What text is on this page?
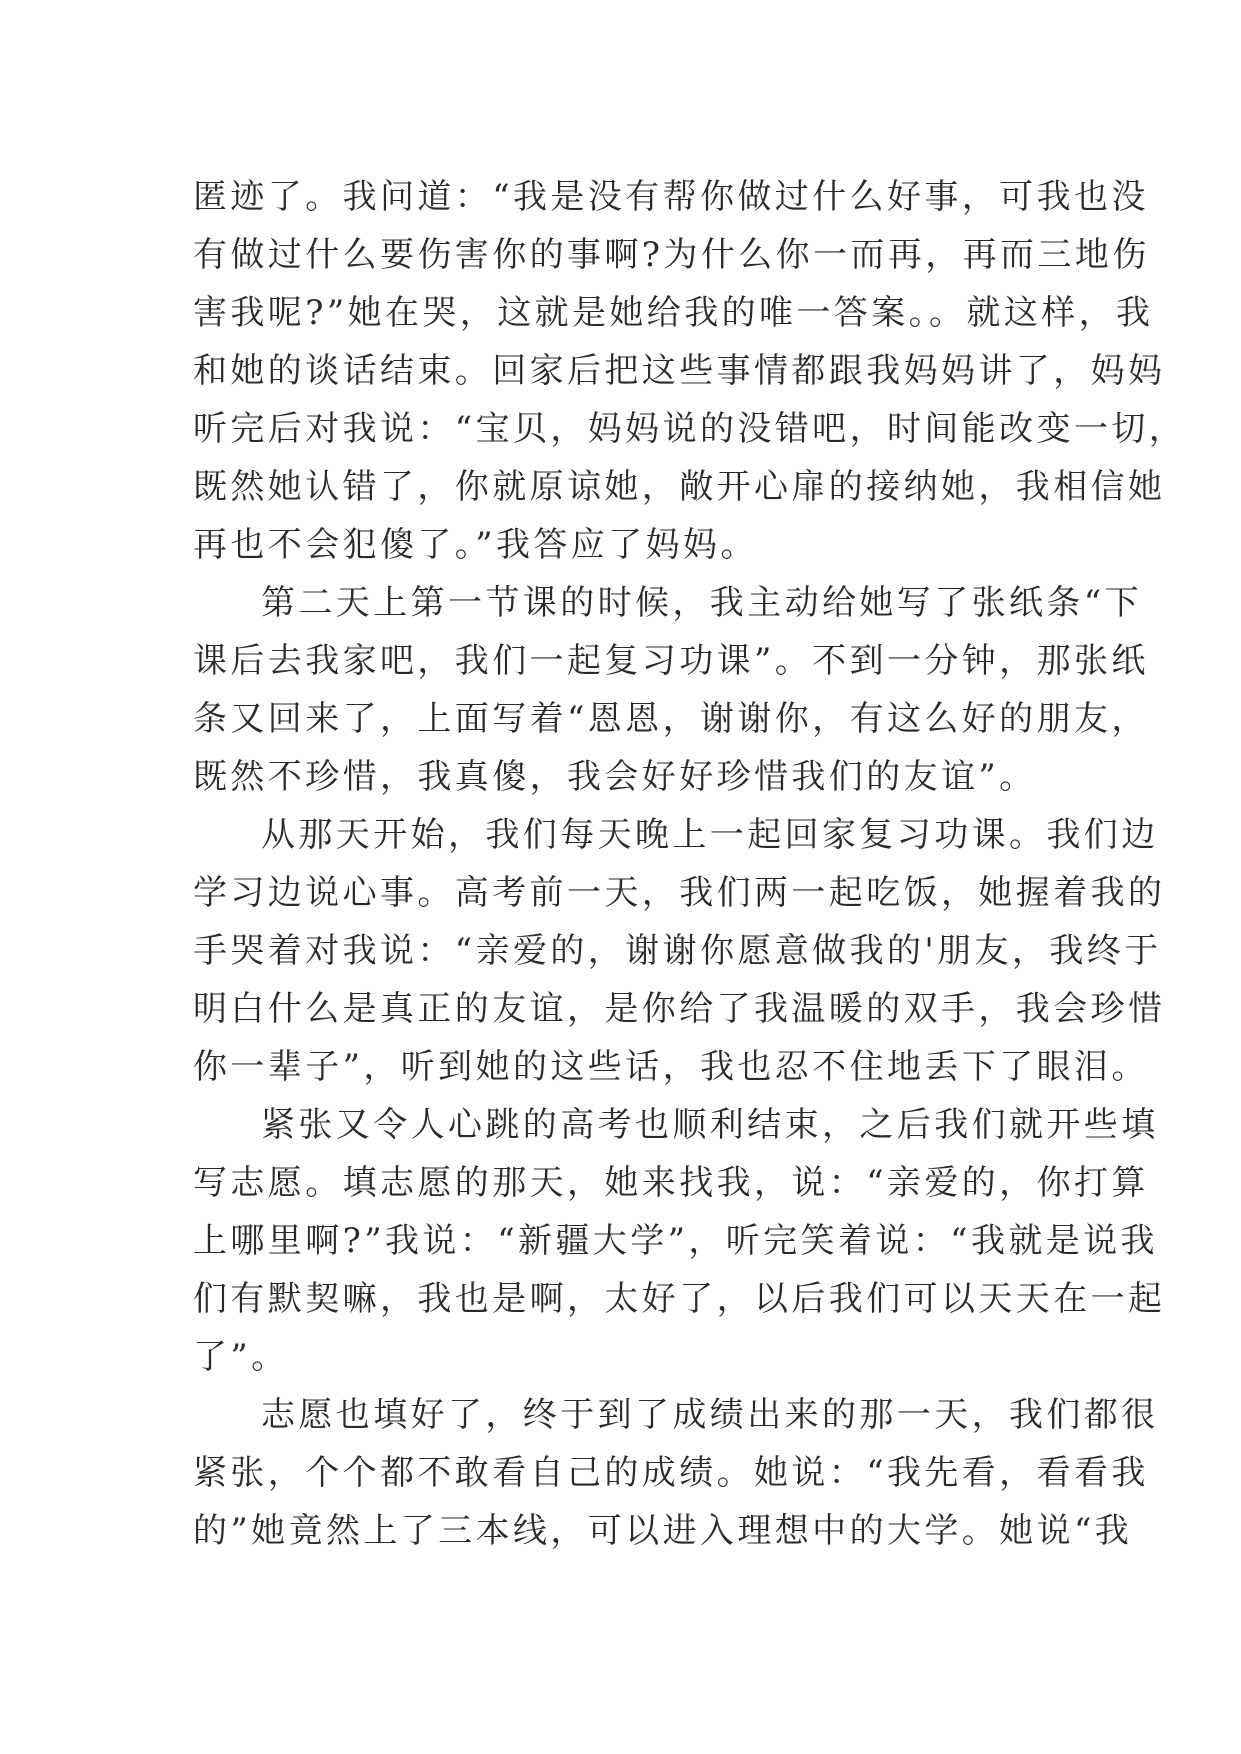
匿迹了。我问道：“我是没有帮你做过什么好事，可我也没
有做过什么要伤害你的事啊?为什么你一而再，再而三地伤
害我呢?”她在哭，这就是她给我的唯一答案。。就这样，我
和她的谈话结束。回家后把这些事情都跟我妈妈讲了，妈妈
听完后对我说：“宝贝，妈妈说的没错吧，时间能改变一切，
既然她认错了，你就原谅她，敞开心扉的接纳她，我相信她
再也不会犯傻了。”我答应了妈妈。
第二天上第一节课的时候，我主动给她写了张纸条“下
课后去我家吧，我们一起复习功课”。不到一分钟，那张纸
条又回来了，上面写着“恩恩，谢谢你，有这么好的朋友，
既然不珍惜，我真傻，我会好好珍惜我们的友谊”。
从那天开始，我们每天晚上一起回家复习功课。我们边
学习边说心事。高考前一天，我们两一起吃饭，她握着我的
手哭着对我说：“亲爱的，谢谢你愿意做我的'朋友，我终于
明白什么是真正的友谊，是你给了我温暖的双手，我会珍惜
你一辈子”，听到她的这些话，我也忍不住地丢下了眼泪。
紧张又令人心跳的高考也顺利结束，之后我们就开些填
写志愿。填志愿的那天，她来找我，说：“亲爱的，你打算
上哪里啊?”我说：“新疆大学”，听完笑着说：“我就是说我
们有默契嘛，我也是啊，太好了，以后我们可以天天在一起
了”。
志愿也填好了，终于到了成绩出来的那一天，我们都很
紧张，个个都不敢看自己的成绩。她说：“我先看，看看我
的”她竟然上了三本线，可以进入理想中的大学。她说“我
